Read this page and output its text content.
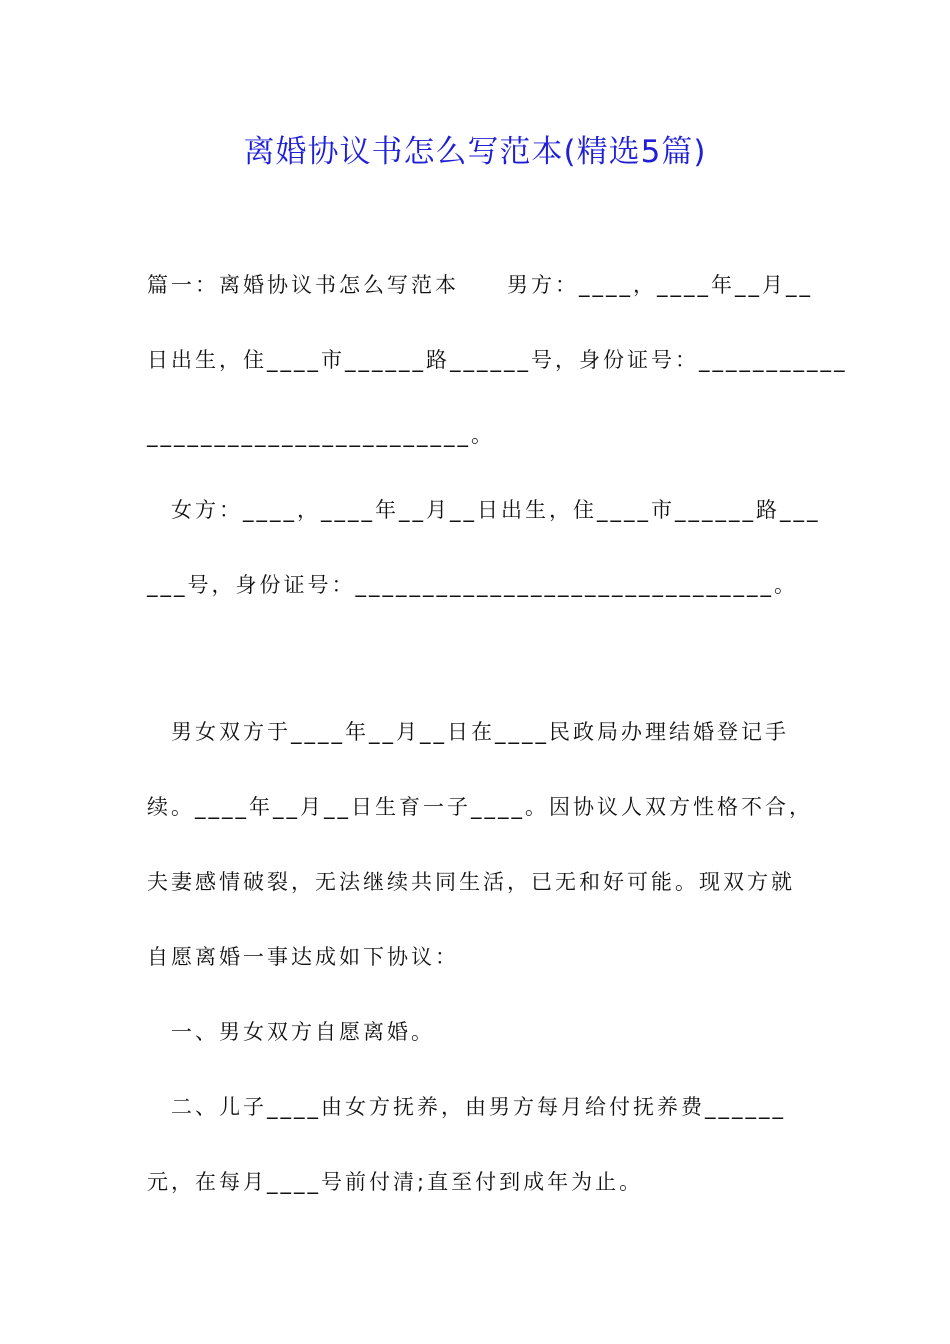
离婚协议书怎么写范本(精选5篇)
篇一：离婚协议书怎么写范本　　男方：____，____年__月__
日出生，住____市______路______号，身份证号：___________
________________________。
　女方：____，____年__月__日出生，住____市______路___
___号，身份证号：_______________________________。
　男女双方于____年__月__日在____民政局办理结婚登记手
续。____年__月__日生育一子____。因协议人双方性格不合，
夫妻感情破裂，无法继续共同生活，已无和好可能。现双方就
自愿离婚一事达成如下协议：
　一、男女双方自愿离婚。
　二、儿子____由女方抚养，由男方每月给付抚养费______
元，在每月____号前付清;直至付到成年为止。
